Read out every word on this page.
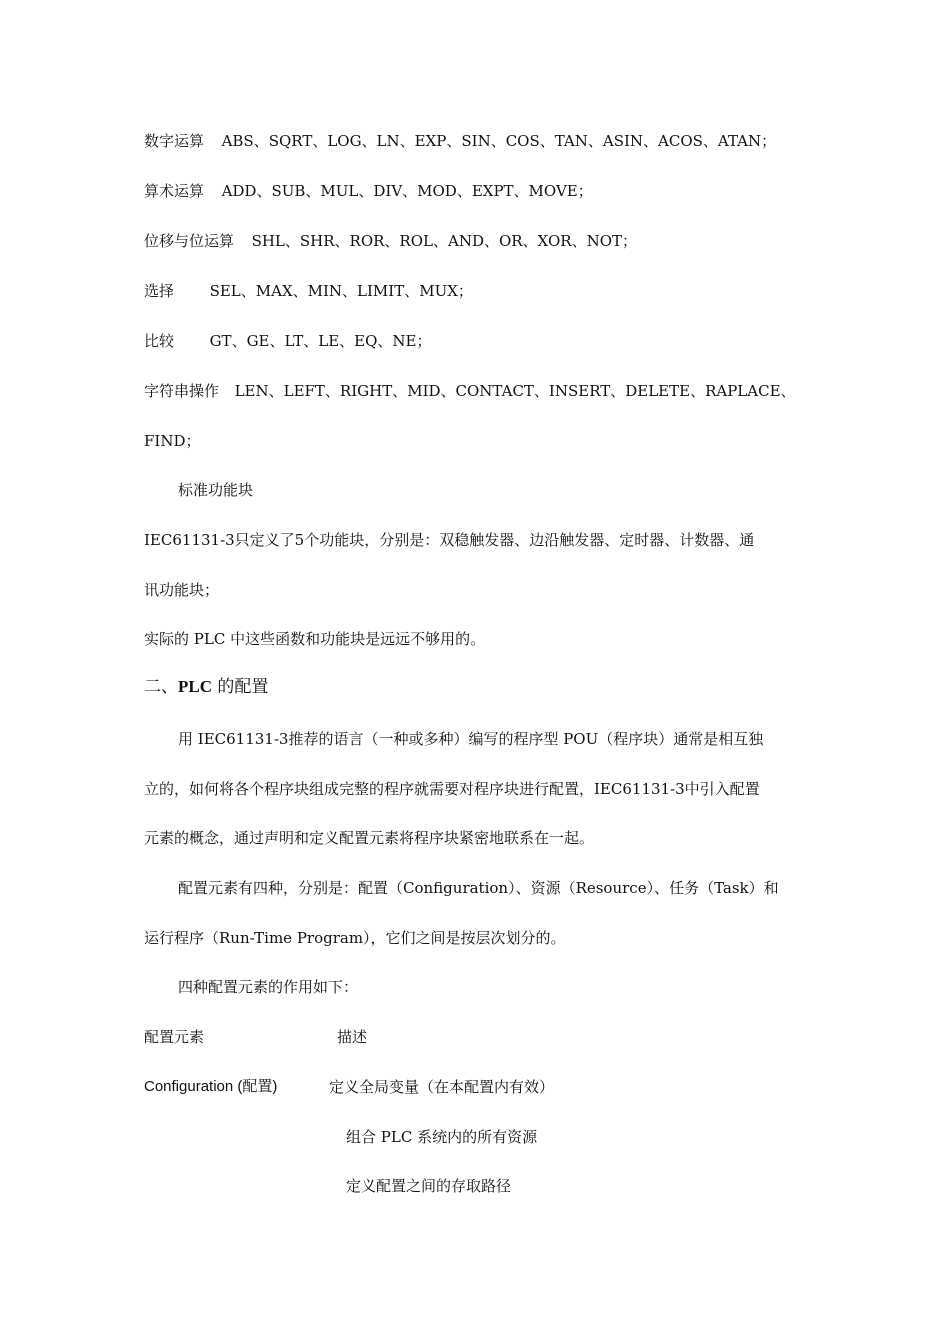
数字运算 ABS、SQRT、LOG、LN、EXP、SIN、COS、TAN、ASIN、ACOS、ATAN；
算术运算 ADD、SUB、MUL、DIV、MOD、EXPT、MOVE；
位移与位运算 SHL、SHR、ROR、ROL、AND、OR、XOR、NOT；
选择 SEL、MAX、MIN、LIMIT、MUX；
比较 GT、GE、LT、LE、EQ、NE；
字符串操作 LEN、LEFT、RIGHT、MID、CONTACT、INSERT、DELETE、RAPLACE、
FIND；
标准功能块
IEC61131-3只定义了5个功能块，分别是：双稳触发器、边沿触发器、定时器、计数器、通
讯功能块；
实际的 PLC 中这些函数和功能块是远远不够用的。
二、PLC 的配置
用 IEC61131-3推荐的语言（一种或多种）编写的程序型 POU（程序块）通常是相互独
立的，如何将各个程序块组成完整的程序就需要对程序块进行配置，IEC61131-3中引入配置
元素的概念，通过声明和定义配置元素将程序块紧密地联系在一起。
配置元素有四种，分别是：配置（Configuration）、资源（Resource）、任务（Task）和
运行程序（Run-Time Program），它们之间是按层次划分的。
四种配置元素的作用如下：
配置元素	描述
Configuration (配置)	定义全局变量（在本配置内有效）
组合 PLC 系统内的所有资源
定义配置之间的存取路径
